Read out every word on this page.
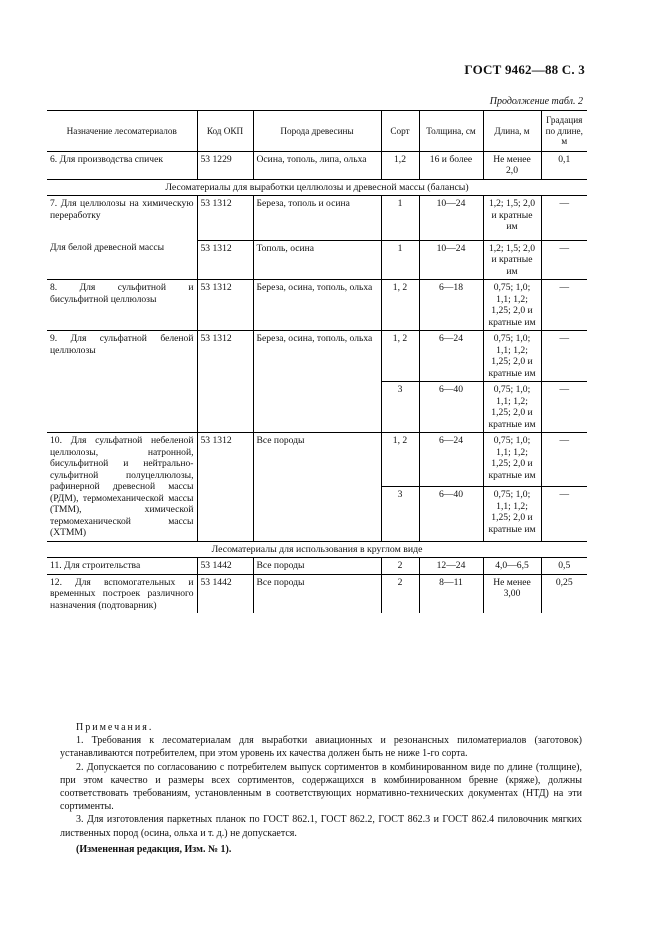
ГОСТ 9462—88 С. 3
Продолжение табл. 2
Назначение лесоматериалов	Код ОКП	Порода древесины	Сорт	Толщина, см	Длина, м	Градация по длине, м
6. Для производства спичек	53 1229	Осина, тополь, липа, ольха	1,2	16 и более	Не менее 2,0	0,1
Лесоматериалы для выработки целлюлозы и древесной массы (балансы)						
7. Для целлюлозы на химическую переработку	53 1312	Береза, тополь и осина	1	10—24	1,2; 1,5; 2,0 и кратные им	—
Для белой древесной массы	53 1312	Тополь, осина	1	10—24	1,2; 1,5; 2,0 и кратные им	—
8. Для сульфитной и бисульфитной целлюлозы	53 1312	Береза, осина, тополь, ольха	1, 2	6—18	0,75; 1,0; 1,1; 1,2; 1,25; 2,0 и кратные им	—
9. Для сульфатной беленой целлюлозы	53 1312	Береза, осина, тополь, ольха	1, 2	6—24	0,75; 1,0; 1,1; 1,2; 1,25; 2,0 и кратные им	—
			3	6—40	0,75; 1,0; 1,1; 1,2; 1,25; 2,0 и кратные им	—
10. Для сульфатной небеленой целлюлозы, натронной, бисульфитной и нейтрально-сульфитной полуцеллюлозы, рафинерной древесной массы (РДМ), термомеханической массы (ТММ), химической термомеханической массы (ХТММ)	53 1312	Все породы	1, 2	6—24	0,75; 1,0; 1,1; 1,2; 1,25; 2,0 и кратные им	—
			3	6—40	0,75; 1,0; 1,1; 1,2; 1,25; 2,0 и кратные им	—
Лесоматериалы для использования в круглом виде						
11. Для строительства	53 1442	Все породы	2	12—24	4,0—6,5	0,5
12. Для вспомогательных и временных построек различного назначения (подтоварник)	53 1442	Все породы	2	8—11	Не менее 3,00	0,25

Примечания.

1. Требования к лесоматериалам для выработки авиационных и резонансных пиломатериалов (заготовок) устанавливаются потребителем, при этом уровень их качества должен быть не ниже 1-го сорта.

2. Допускается по согласованию с потребителем выпуск сортиментов в комбинированном виде по длине (толщине), при этом качество и размеры всех сортиментов, содержащихся в комбинированном бревне (кряже), должны соответствовать требованиям, установленным в соответствующих нормативно-технических документах (НТД) на эти сортименты.

3. Для изготовления паркетных планок по ГОСТ 862.1, ГОСТ 862.2, ГОСТ 862.3 и ГОСТ 862.4 пиловочник мягких лиственных пород (осина, ольха и т. д.) не допускается.

(Измененная редакция, Изм. № 1).
